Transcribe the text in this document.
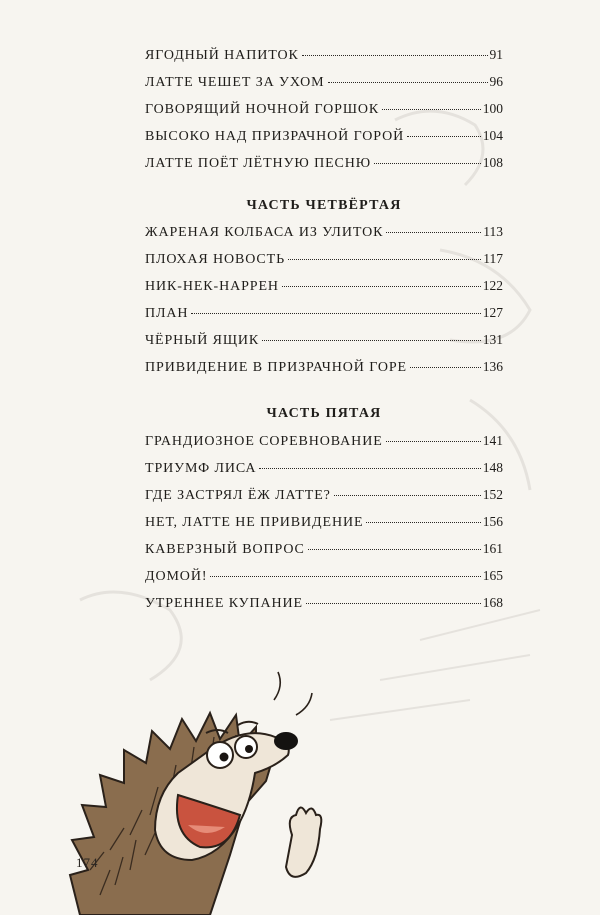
ЯГОДНЫЙ НАПИТОК	91
ЛАТТЕ ЧЕШЕТ ЗА УХОМ	96
ГОВОРЯЩИЙ НОЧНОЙ ГОРШОК	100
ВЫСОКО НАД ПРИЗРАЧНОЙ ГОРОЙ	104
ЛАТТЕ ПОЁТ ЛЁТНУЮ ПЕСНЮ	108
ЧАСТЬ ЧЕТВЁРТАЯ
ЖАРЕНАЯ КОЛБАСА ИЗ УЛИТОК	113
ПЛОХАЯ НОВОСТЬ	117
НИК-НЕК-НАРРЕН	122
ПЛАН	127
ЧЁРНЫЙ ЯЩИК	131
ПРИВИДЕНИЕ В ПРИЗРАЧНОЙ ГОРЕ	136
ЧАСТЬ ПЯТАЯ
ГРАНДИОЗНОЕ СОРЕВНОВАНИЕ	141
ТРИУМФ ЛИСА	148
ГДЕ ЗАСТРЯЛ ЁЖ ЛАТТЕ?	152
НЕТ, ЛАТТЕ НЕ ПРИВИДЕНИЕ	156
КАВЕРЗНЫЙ ВОПРОС	161
ДОМОЙ!	165
УТРЕННЕЕ КУПАНИЕ	168
174
